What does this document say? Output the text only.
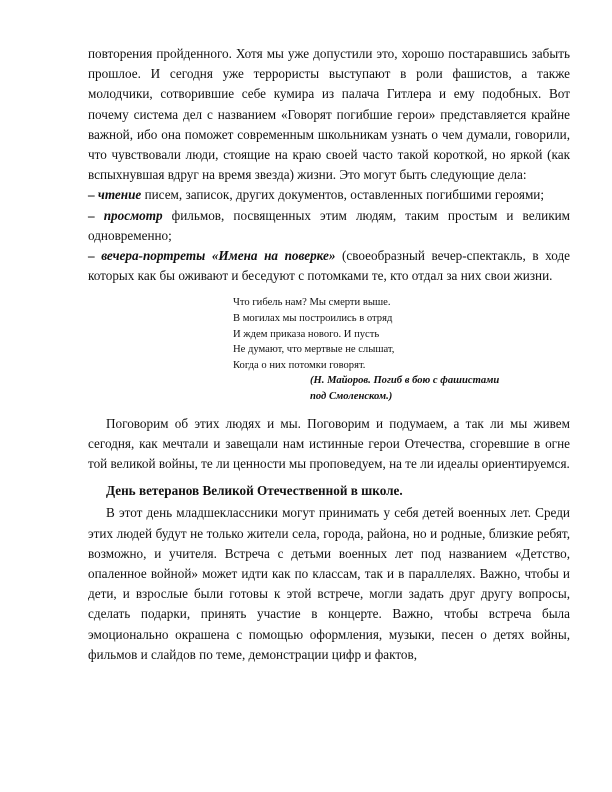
повторения пройденного. Хотя мы уже допустили это, хорошо постаравшись забыть прошлое. И сегодня уже террористы выступают в роли фашистов, а также молодчики, сотворившие себе кумира из палача Гитлера и ему подобных. Вот почему система дел с названием «Говорят погибшие герои» представляется крайне важной, ибо она поможет современным школьникам узнать о чем думали, говорили, что чувствовали люди, стоящие на краю своей часто такой короткой, но яркой (как вспыхнувшая вдруг на время звезда) жизни. Это могут быть следующие дела:

– чтение писем, записок, других документов, оставленных погибшими героями;

– просмотр фильмов, посвященных этим людям, таким простым и великим одновременно;

– вечера-портреты «Имена на поверке» (своеобразный вечер-спектакль, в ходе которых как бы оживают и беседуют с потомками те, кто отдал за них свои жизни.

Что гибель нам? Мы смерти выше.
В могилах мы построились в отряд
И ждем приказа нового. И пусть
Не думают, что мертвые не слышат,
Когда о них потомки говорят.
(Н. Майоров. Погиб в бою с фашистами
под Смоленском.)

Поговорим об этих людях и мы. Поговорим и подумаем, а так ли мы живем сегодня, как мечтали и завещали нам истинные герои Отечества, сгоревшие в огне той великой войны, те ли ценности мы проповедуем, на те ли идеалы ориентируемся.

День ветеранов Великой Отечественной в школе.

В этот день младшеклассники могут принимать у себя детей военных лет. Среди этих людей будут не только жители села, города, района, но и родные, близкие ребят, возможно, и учителя. Встреча с детьми военных лет под названием «Детство, опаленное войной» может идти как по классам, так и в параллелях. Важно, чтобы и дети, и взрослые были готовы к этой встрече, могли задать друг другу вопросы, сделать подарки, принять участие в концерте. Важно, чтобы встреча была эмоционально окрашена с помощью оформления, музыки, песен о детях войны, фильмов и слайдов по теме, демонстрации цифр и фактов,
